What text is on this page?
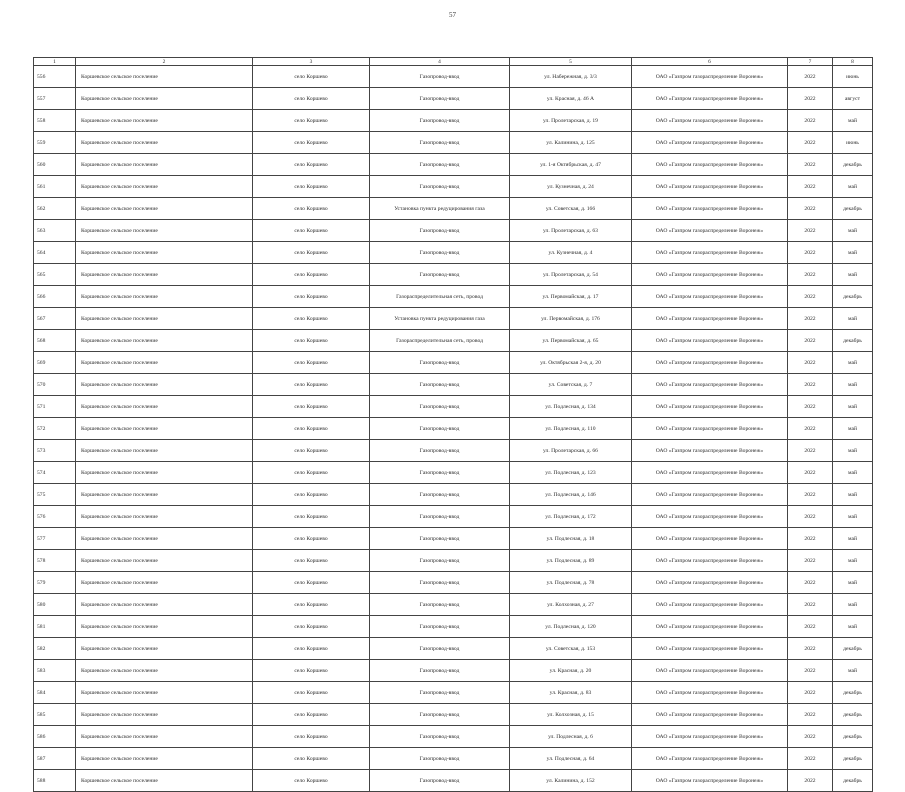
57
1	2	3	4	5	6	7	8
556	Коршевское сельское поселение	село Коршево	Газопровод-ввод	ул. Набережная, д. 3/3	ОАО «Газпром газораспределение Воронеж»	2022	июнь
557	Коршевское сельское поселение	село Коршево	Газопровод-ввод	ул. Красная, д. 46 А	ОАО «Газпром газораспределение Воронеж»	2022	август
558	Коршевское сельское поселение	село Коршево	Газопровод-ввод	ул. Пролетарская, д. 19	ОАО «Газпром газораспределение Воронеж»	2022	май
559	Коршевское сельское поселение	село Коршево	Газопровод-ввод	ул. Калинина, д. 125	ОАО «Газпром газораспределение Воронеж»	2022	июнь
560	Коршевское сельское поселение	село Коршево	Газопровод-ввод	ул. 1-я Октябрьская, д. 47	ОАО «Газпром газораспределение Воронеж»	2022	декабрь
561	Коршевское сельское поселение	село Коршево	Газопровод-ввод	ул. Кузнечная, д. 24	ОАО «Газпром газораспределение Воронеж»	2022	май
562	Коршевское сельское поселение	село Коршево	Установка пункта редуцирования газа	ул. Советская, д. 166	ОАО «Газпром газораспределение Воронеж»	2022	декабрь
563	Коршевское сельское поселение	село Коршево	Газопровод-ввод	ул. Пролетарская, д. 63	ОАО «Газпром газораспределение Воронеж»	2022	май
564	Коршевское сельское поселение	село Коршево	Газопровод-ввод	ул. Кузнечная, д. 4	ОАО «Газпром газораспределение Воронеж»	2022	май
565	Коршевское сельское поселение	село Коршево	Газопровод-ввод	ул. Пролетарская, д. 54	ОАО «Газпром газораспределение Воронеж»	2022	май
566	Коршевское сельское поселение	село Коршево	Газораспределительная сеть, провод	ул. Первомайская, д. 17	ОАО «Газпром газораспределение Воронеж»	2022	декабрь
567	Коршевское сельское поселение	село Коршево	Установка пункта редуцирования газа	ул. Первомайская, д. 176	ОАО «Газпром газораспределение Воронеж»	2022	май
568	Коршевское сельское поселение	село Коршево	Газораспределительная сеть, провод	ул. Первомайская, д. 65	ОАО «Газпром газораспределение Воронеж»	2022	декабрь
569	Коршевское сельское поселение	село Коршево	Газопровод-ввод	ул. Октябрьская 2-я, д. 20	ОАО «Газпром газораспределение Воронеж»	2022	май
570	Коршевское сельское поселение	село Коршево	Газопровод-ввод	ул. Советская, д. 7	ОАО «Газпром газораспределение Воронеж»	2022	май
571	Коршевское сельское поселение	село Коршево	Газопровод-ввод	ул. Подлесная, д. 134	ОАО «Газпром газораспределение Воронеж»	2022	май
572	Коршевское сельское поселение	село Коршево	Газопровод-ввод	ул. Подлесная, д. 110	ОАО «Газпром газораспределение Воронеж»	2022	май
573	Коршевское сельское поселение	село Коршево	Газопровод-ввод	ул. Пролетарская, д. 66	ОАО «Газпром газораспределение Воронеж»	2022	май
574	Коршевское сельское поселение	село Коршево	Газопровод-ввод	ул. Подлесная, д. 123	ОАО «Газпром газораспределение Воронеж»	2022	май
575	Коршевское сельское поселение	село Коршево	Газопровод-ввод	ул. Подлесная, д. 146	ОАО «Газпром газораспределение Воронеж»	2022	май
576	Коршевское сельское поселение	село Коршево	Газопровод-ввод	ул. Подлесная, д. 172	ОАО «Газпром газораспределение Воронеж»	2022	май
577	Коршевское сельское поселение	село Коршево	Газопровод-ввод	ул. Подлесная, д. 18	ОАО «Газпром газораспределение Воронеж»	2022	май
578	Коршевское сельское поселение	село Коршево	Газопровод-ввод	ул. Подлесная, д. 89	ОАО «Газпром газораспределение Воронеж»	2022	май
579	Коршевское сельское поселение	село Коршево	Газопровод-ввод	ул. Подлесная, д. 78	ОАО «Газпром газораспределение Воронеж»	2022	май
580	Коршевское сельское поселение	село Коршево	Газопровод-ввод	ул. Колхозная, д. 27	ОАО «Газпром газораспределение Воронеж»	2022	май
581	Коршевское сельское поселение	село Коршево	Газопровод-ввод	ул. Подлесная, д. 120	ОАО «Газпром газораспределение Воронеж»	2022	май
582	Коршевское сельское поселение	село Коршево	Газопровод-ввод	ул. Советская, д. 153	ОАО «Газпром газораспределение Воронеж»	2022	декабрь
583	Коршевское сельское поселение	село Коршево	Газопровод-ввод	ул. Красная, д. 20	ОАО «Газпром газораспределение Воронеж»	2022	май
584	Коршевское сельское поселение	село Коршево	Газопровод-ввод	ул. Красная, д. 83	ОАО «Газпром газораспределение Воронеж»	2022	декабрь
585	Коршевское сельское поселение	село Коршево	Газопровод-ввод	ул. Колхозная, д. 15	ОАО «Газпром газораспределение Воронеж»	2022	декабрь
586	Коршевское сельское поселение	село Коршево	Газопровод-ввод	ул. Подлесная, д. 6	ОАО «Газпром газораспределение Воронеж»	2022	декабрь
587	Коршевское сельское поселение	село Коршево	Газопровод-ввод	ул. Подлесная, д. 64	ОАО «Газпром газораспределение Воронеж»	2022	декабрь
588	Коршевское сельское поселение	село Коршево	Газопровод-ввод	ул. Калинина, д. 152	ОАО «Газпром газораспределение Воронеж»	2022	декабрь
